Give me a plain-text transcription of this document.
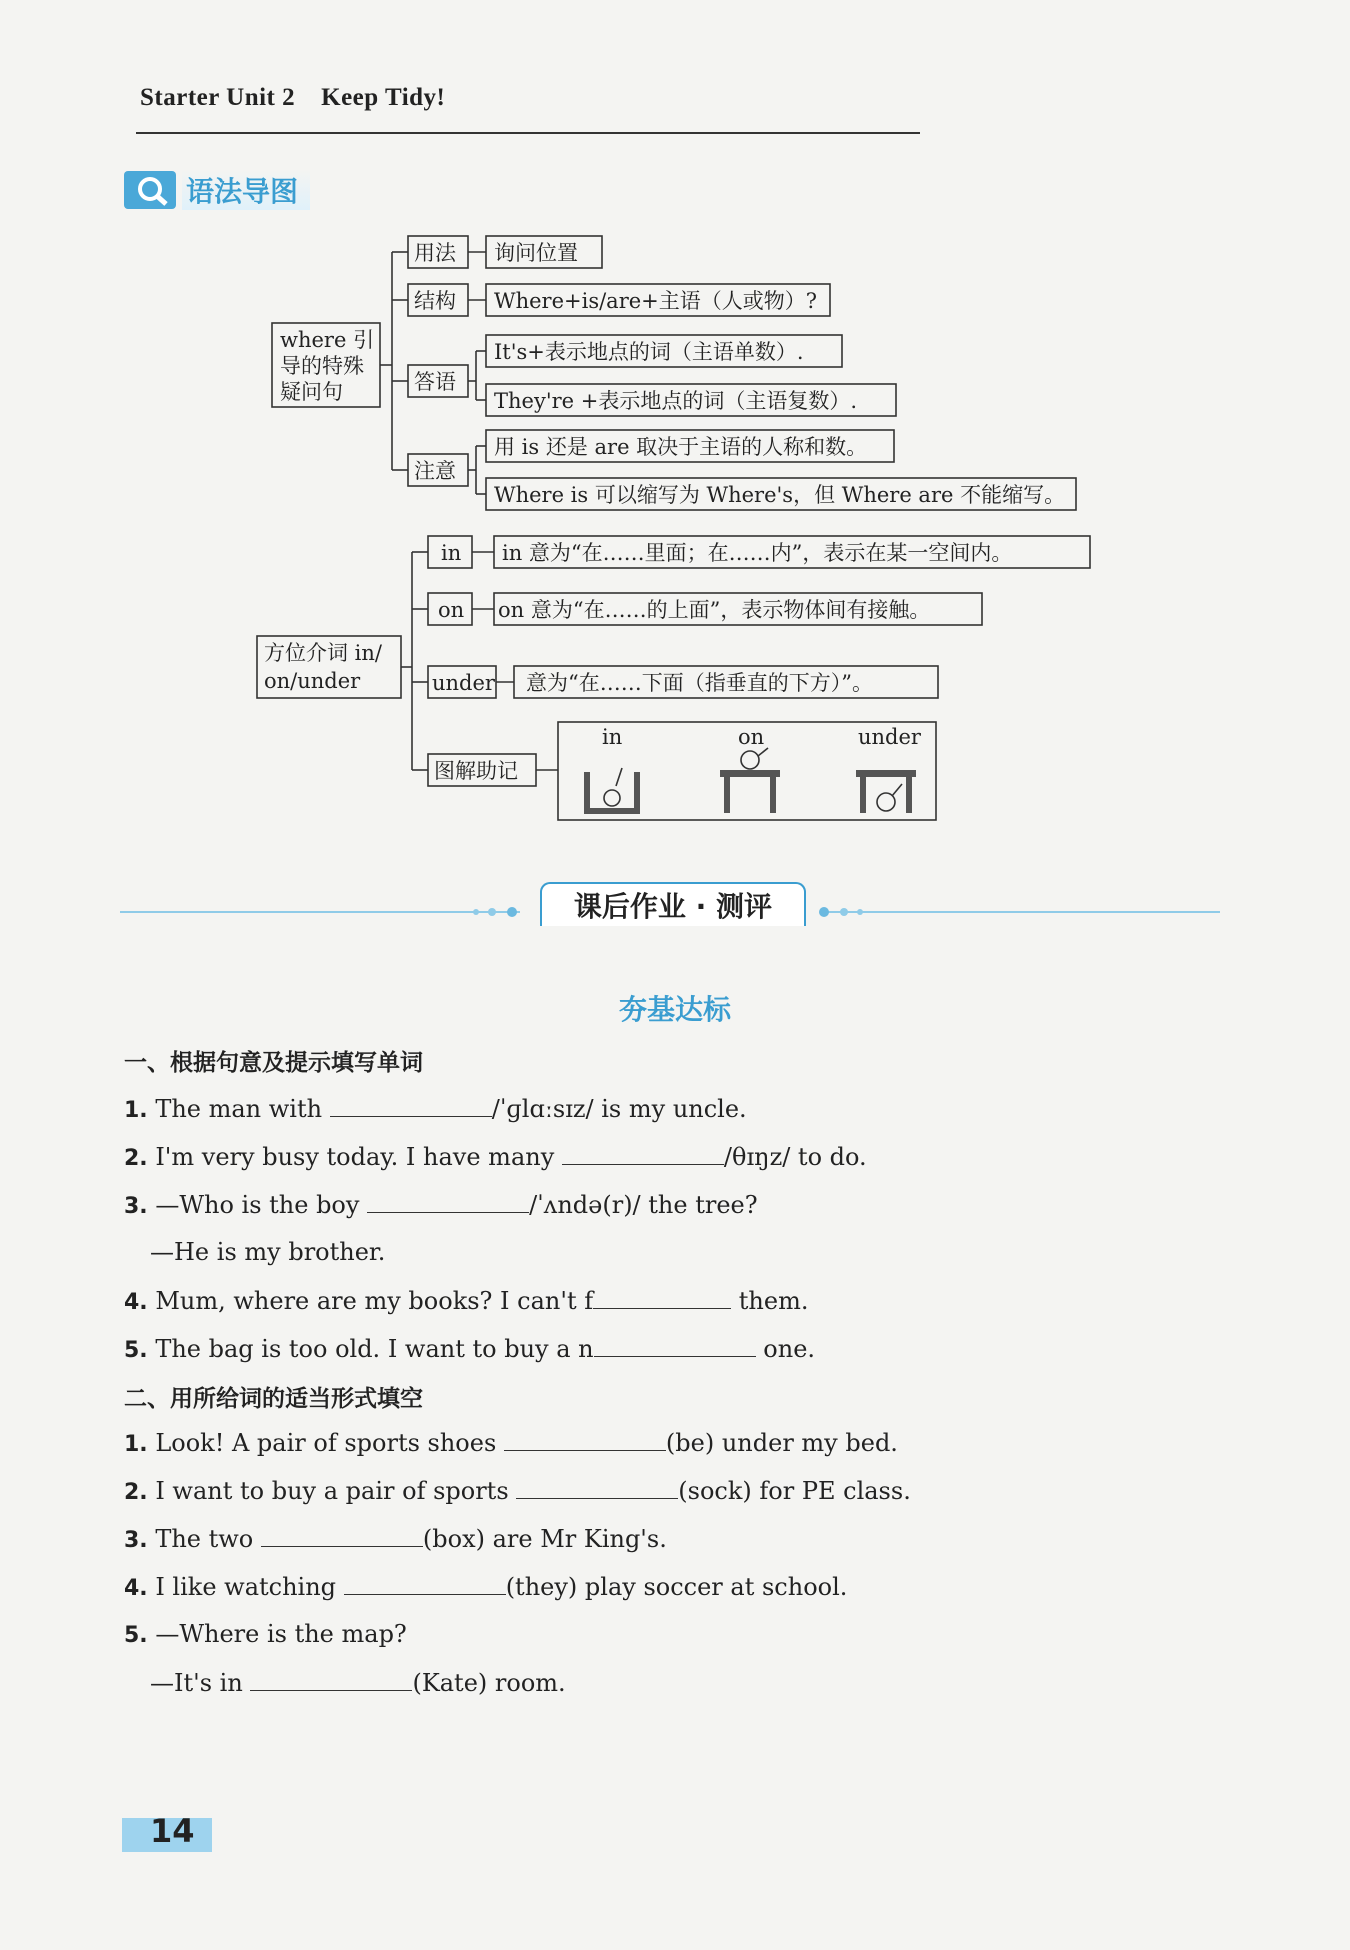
Starter Unit 2 Keep Tidy!
语法导图
where 引
导的特殊
疑问句
用法
结构
答语
注意
询问位置
Where+is/are+主语（人或物）?
It's+表示地点的词（主语单数）.
They're +表示地点的词（主语复数）.
用 is 还是 are 取决于主语的人称和数。
Where is 可以缩写为 Where's，但 Where are 不能缩写。
方位介词 in/
on/under
in
on
under
图解助记
in 意为“在……里面；在……内”，表示在某一空间内。
on 意为“在……的上面”，表示物体间有接触。
意为“在……下面（指垂直的下方）”。
in	on	under
课后作业 · 测评
夯基达标
一、根据句意及提示填写单词
1. The man with	/ˈɡlɑːsɪz/ is my uncle.
2. I'm very busy today. I have many	/θɪŋz/ to do.
3. —Who is the boy	/ˈʌndə(r)/ the tree?
—He is my brother.
4. Mum, where are my books? I can't f	them.
5. The bag is too old. I want to buy a n	one.
二、用所给词的适当形式填空
1. Look! A pair of sports shoes	(be) under my bed.
2. I want to buy a pair of sports	(sock) for PE class.
3. The two	(box) are Mr King's.
4. I like watching	(they) play soccer at school.
5. —Where is the map?
—It's in	(Kate) room.
14
